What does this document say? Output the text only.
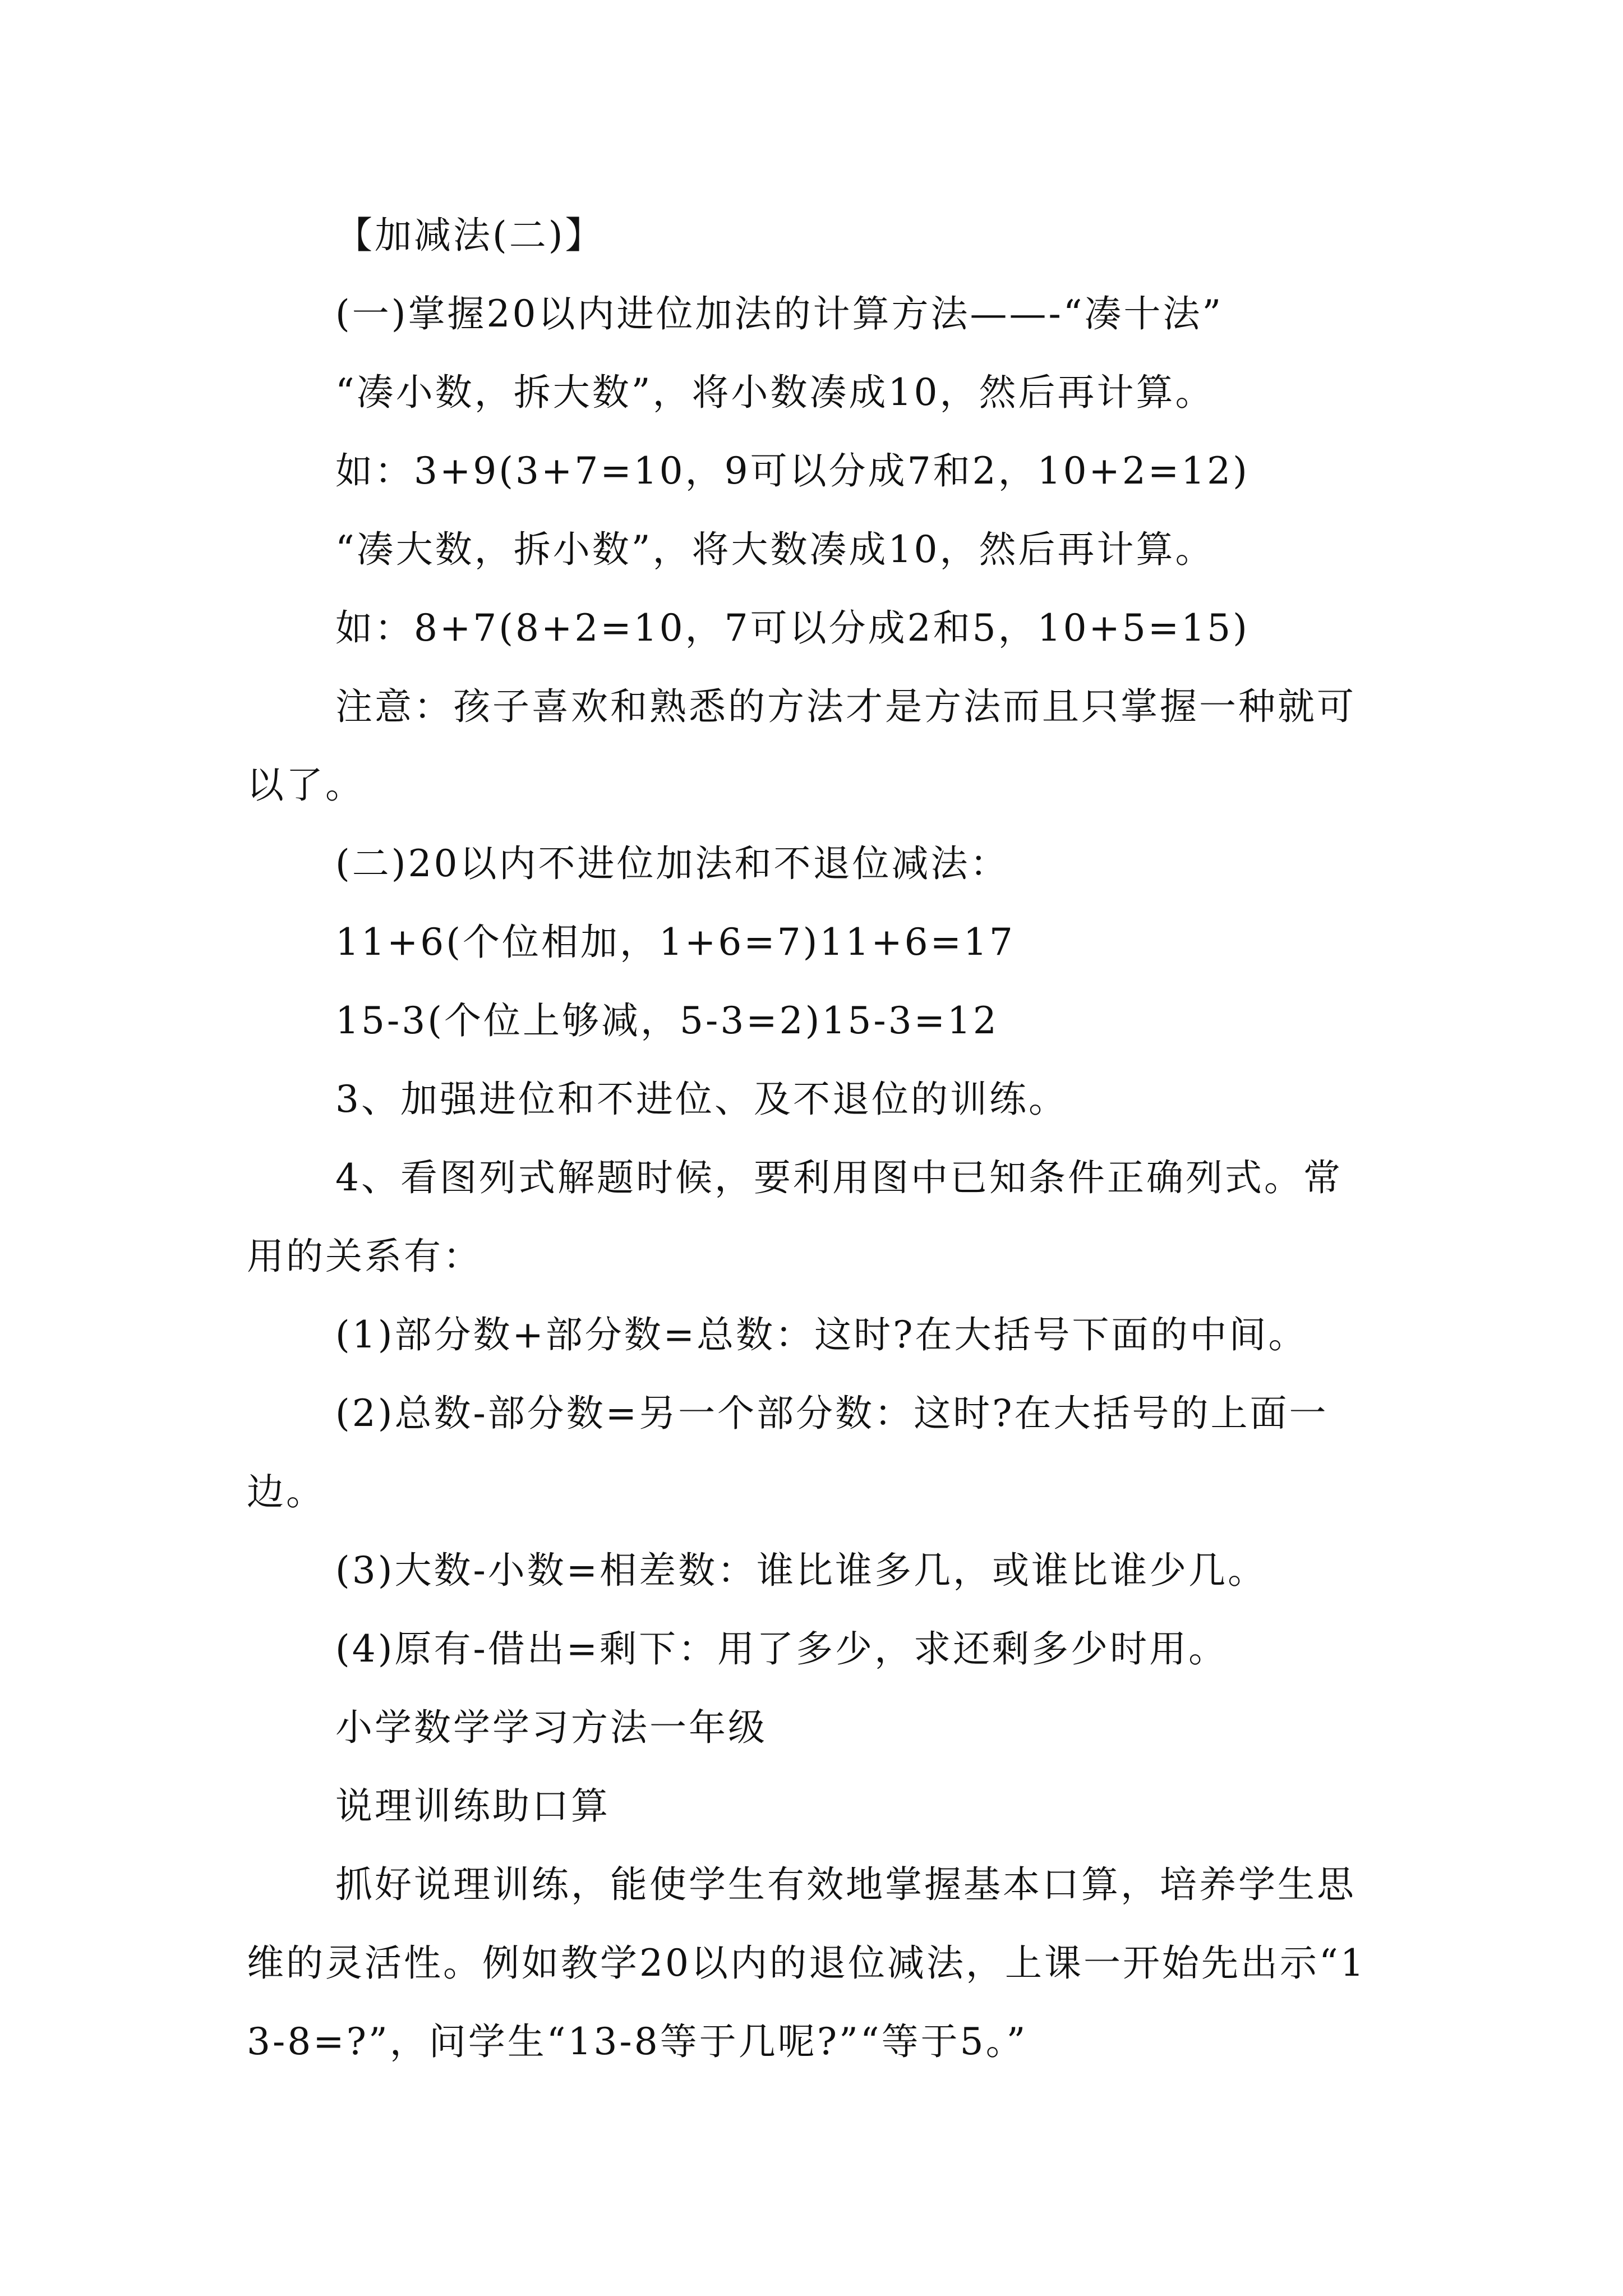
【加减法(二)】

(一)掌握20以内进位加法的计算方法——-“凑十法”

“凑小数，拆大数”，将小数凑成10，然后再计算。

如：3+9(3+7=10，9可以分成7和2，10+2=12)

“凑大数，拆小数”，将大数凑成10，然后再计算。

如：8+7(8+2=10，7可以分成2和5，10+5=15)

注意：孩子喜欢和熟悉的方法才是方法而且只掌握一种就可以了。

(二)20以内不进位加法和不退位减法：

11+6(个位相加，1+6=7)11+6=17

15-3(个位上够减，5-3=2)15-3=12

3、加强进位和不进位、及不退位的训练。

4、看图列式解题时候，要利用图中已知条件正确列式。常用的关系有：

(1)部分数+部分数=总数：这时?在大括号下面的中间。

(2)总数-部分数=另一个部分数：这时?在大括号的上面一边。

(3)大数-小数=相差数：谁比谁多几，或谁比谁少几。

(4)原有-借出=剩下：用了多少，求还剩多少时用。

小学数学学习方法一年级

说理训练助口算

抓好说理训练，能使学生有效地掌握基本口算，培养学生思维的灵活性。例如教学20以内的退位减法，上课一开始先出示“13-8=?”，问学生“13-8等于几呢?”“等于5。”
